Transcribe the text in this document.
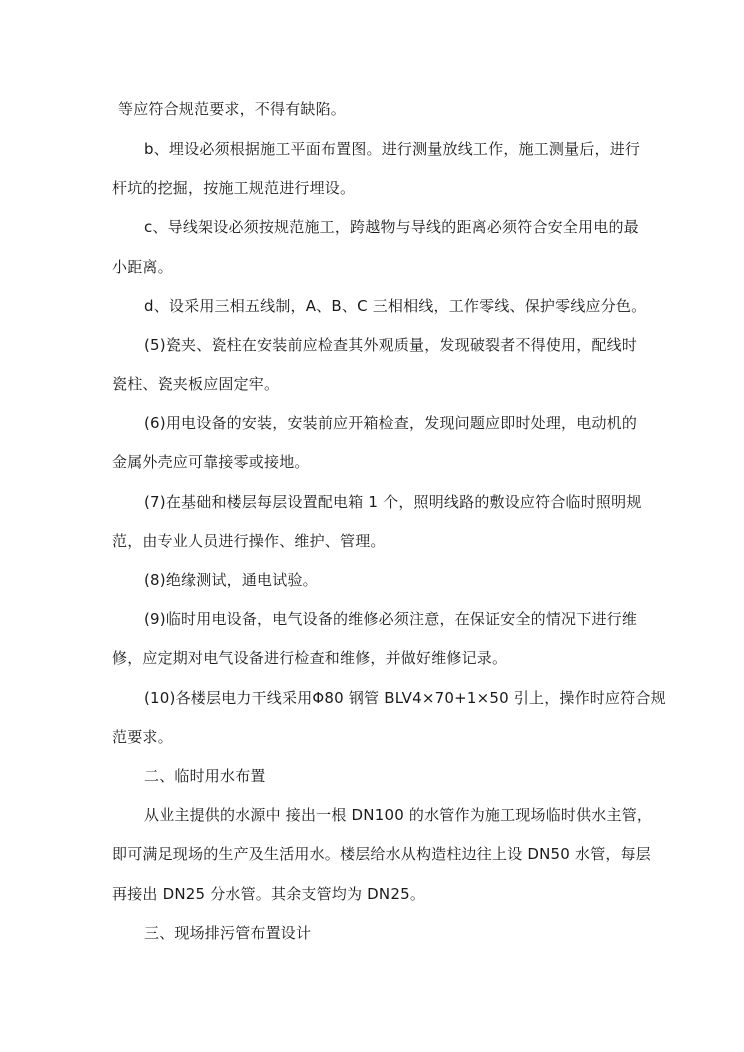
等应符合规范要求，不得有缺陷。
b、埋设必须根据施工平面布置图。进行测量放线工作，施工测量后，进行
杆坑的挖掘，按施工规范进行埋设。
c、导线架设必须按规范施工，跨越物与导线的距离必须符合安全用电的最
小距离。
d、设采用三相五线制，A、B、C 三相相线，工作零线、保护零线应分色。
(5)瓷夹、瓷柱在安装前应检查其外观质量，发现破裂者不得使用，配线时
瓷柱、瓷夹板应固定牢。
(6)用电设备的安装，安装前应开箱检查，发现问题应即时处理，电动机的
金属外壳应可靠接零或接地。
(7)在基础和楼层每层设置配电箱 1 个，照明线路的敷设应符合临时照明规
范，由专业人员进行操作、维护、管理。
(8)绝缘测试，通电试验。
(9)临时用电设备，电气设备的维修必须注意，在保证安全的情况下进行维
修，应定期对电气设备进行检查和维修，并做好维修记录。
(10)各楼层电力干线采用Φ80 钢管 BLV4×70+1×50 引上，操作时应符合规
范要求。
二、临时用水布置
从业主提供的水源中 接出一根 DN100 的水管作为施工现场临时供水主管，
即可满足现场的生产及生活用水。楼层给水从构造柱边往上设 DN50 水管，每层
再接出 DN25 分水管。其余支管均为 DN25。
三、现场排污管布置设计
